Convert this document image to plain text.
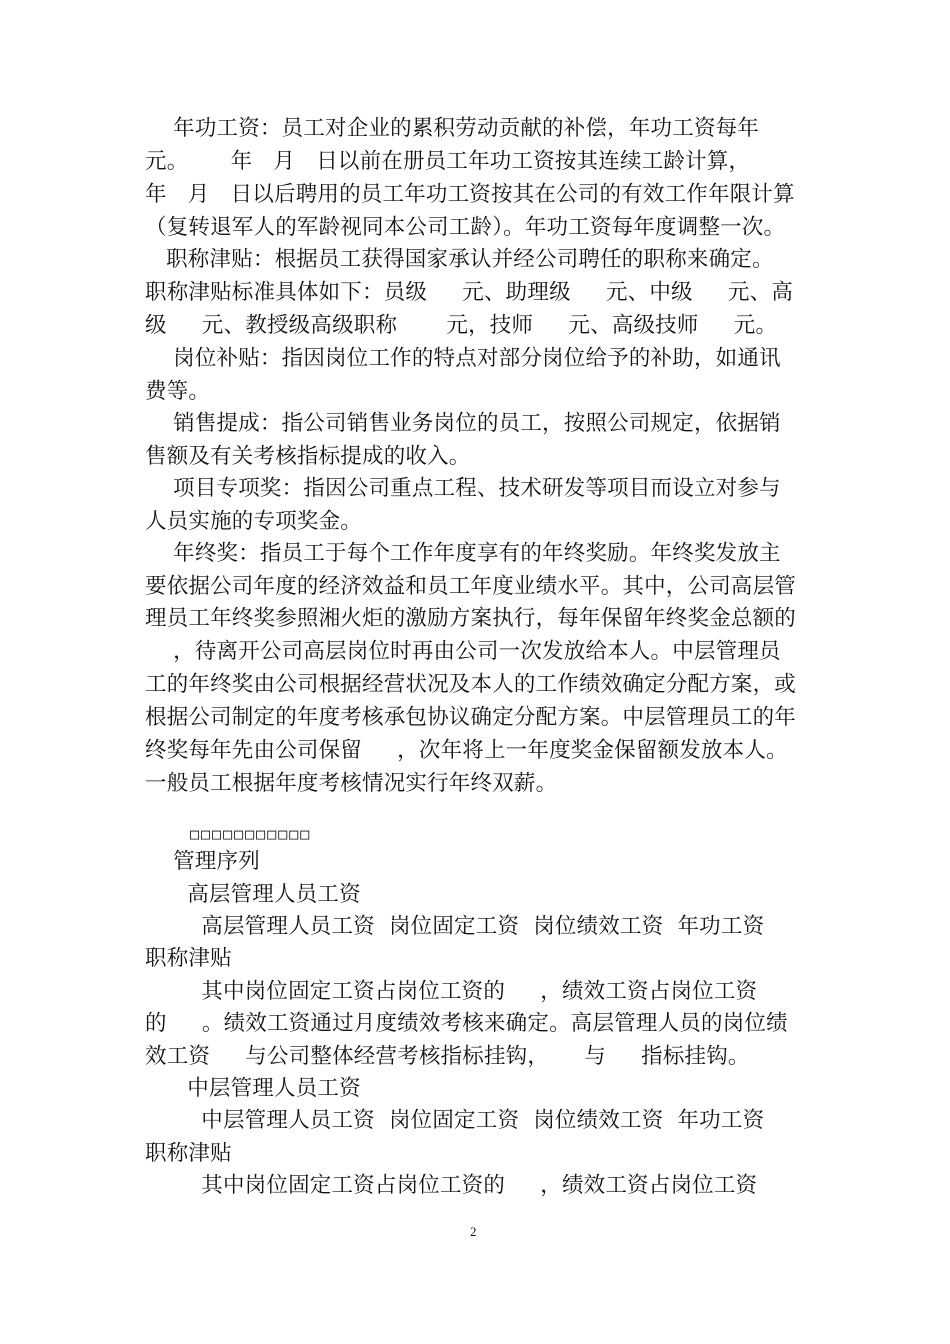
年功工资：员工对企业的累积劳动贡献的补偿，年功工资每年
元。      年   月   日以前在册员工年功工资按其连续工龄计算，
年   月   日以后聘用的员工年功工资按其在公司的有效工作年限计算
（复转退军人的军龄视同本公司工龄）。年功工资每年度调整一次。
职称津贴：根据员工获得国家承认并经公司聘任的职称来确定。
职称津贴标准具体如下：员级     元、助理级     元、中级     元、高
级     元、教授级高级职称       元，技师     元、高级技师     元。
岗位补贴：指因岗位工作的特点对部分岗位给予的补助，如通讯
费等。
销售提成：指公司销售业务岗位的员工，按照公司规定，依据销
售额及有关考核指标提成的收入。
项目专项奖：指因公司重点工程、技术研发等项目而设立对参与
人员实施的专项奖金。
年终奖：指员工于每个工作年度享有的年终奖励。年终奖发放主
要依据公司年度的经济效益和员工年度业绩水平。其中，公司高层管
理员工年终奖参照湘火炬的激励方案执行，每年保留年终奖金总额的
，待离开公司高层岗位时再由公司一次发放给本人。中层管理员
工的年终奖由公司根据经营状况及本人的工作绩效确定分配方案，或
根据公司制定的年度考核承包协议确定分配方案。中层管理员工的年
终奖每年先由公司保留     ，次年将上一年度奖金保留额发放本人。
一般员工根据年度考核情况实行年终双薪。
□□□□□□□□□□□
管理序列
高层管理人员工资
高层管理人员工资  岗位固定工资  岗位绩效工资  年功工资
职称津贴
其中岗位固定工资占岗位工资的     ，绩效工资占岗位工资
的     。绩效工资通过月度绩效考核来确定。高层管理人员的岗位绩
效工资     与公司整体经营考核指标挂钩，     与     指标挂钩。
中层管理人员工资
中层管理人员工资  岗位固定工资  岗位绩效工资  年功工资
职称津贴
其中岗位固定工资占岗位工资的     ，绩效工资占岗位工资
2
